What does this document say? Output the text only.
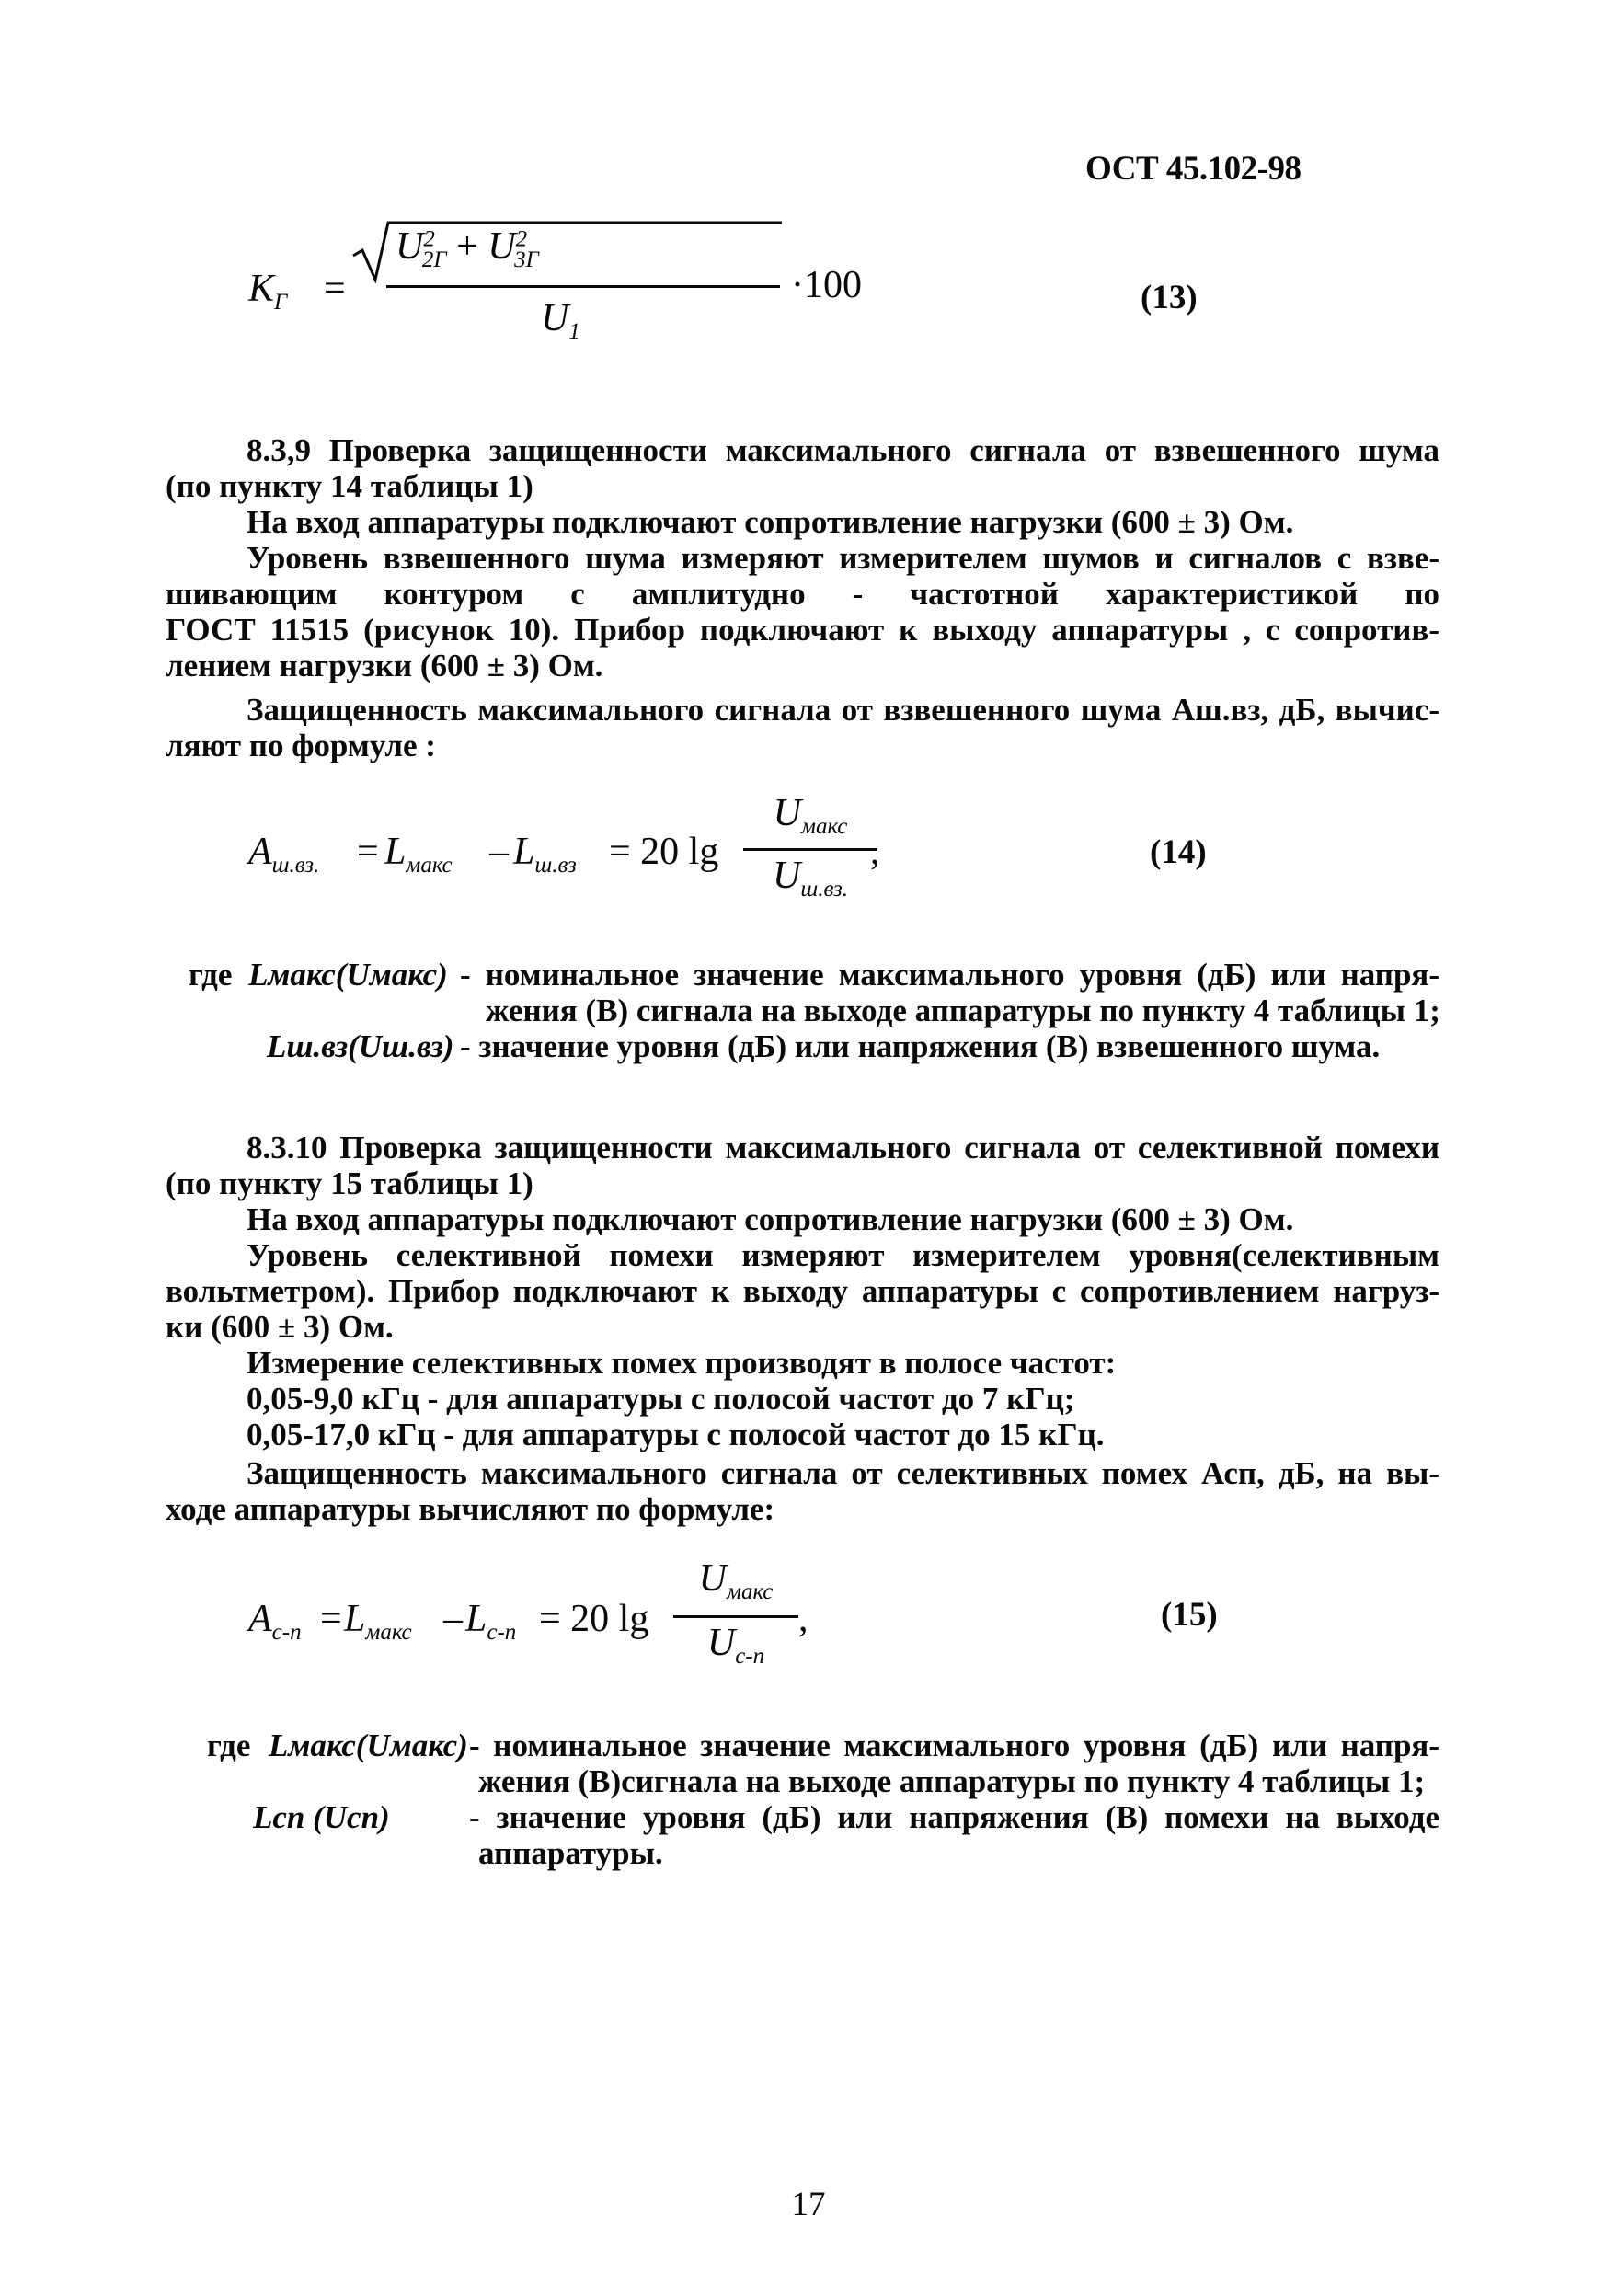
ОСТ 45.102-98
$K_Г$ =
$U^2_{2Г} + U^2_{3Г}$
$U_1$
·100	(13)
8.3,9 Проверка защищенности максимального сигнала от взвешенного шума
(по пункту 14 таблицы 1)
На вход аппаратуры подключают сопротивление нагрузки (600 ± 3) Ом.
Уровень взвешенного шума измеряют измерителем шумов и сигналов с взве-
шивающим контуром с амплитудно - частотной характеристикой по
ГОСТ 11515 (рисунок 10). Прибор подключают к выходу аппаратуры , с сопротив-
лением нагрузки (600 ± 3) Ом.
Защищенность максимального сигнала от взвешенного шума Аш.вз, дБ, вычис-
ляют по формуле :
$A_{ш.вз.} = L_{макс} - L_{ш.вз} = 20$ lg
$U_{макс}$
$U_{ш.вз.}$
,	(14)
где Lмакс(Uмакс) - номинальное значение максимального уровня (дБ) или напря-
жения (В) сигнала на выходе аппаратуры по пункту 4 таблицы 1;
Lш.вз(Uш.вз) - значение уровня (дБ) или напряжения (В) взвешенного шума.
8.3.10 Проверка защищенности максимального сигнала от селективной помехи
(по пункту 15 таблицы 1)
На вход аппаратуры подключают сопротивление нагрузки (600 ± 3) Ом.
Уровень селективной помехи измеряют измерителем уровня(селективным
вольтметром). Прибор подключают к выходу аппаратуры с сопротивлением нагруз-
ки (600 ± 3) Ом.
Измерение селективных помех производят в полосе частот:
0,05-9,0 кГц - для аппаратуры с полосой частот до 7 кГц;
0,05-17,0 кГц - для аппаратуры с полосой частот до 15 кГц.
Защищенность максимального сигнала от селективных помех Асп, дБ, на вы-
ходе аппаратуры вычисляют по формуле:
$A_{с-п} = L_{макс} - L_{с-п} = 20$ lg
$U_{макс}$
$U_{с-п}$
,	(15)
где Lмакс(Uмакс) - номинальное значение максимального уровня (дБ) или напря-
жения (В)сигнала на выходе аппаратуры по пункту 4 таблицы 1;
Lсп (Uсп) - значение уровня (дБ) или напряжения (В) помехи на выходе
аппаратуры.
17
